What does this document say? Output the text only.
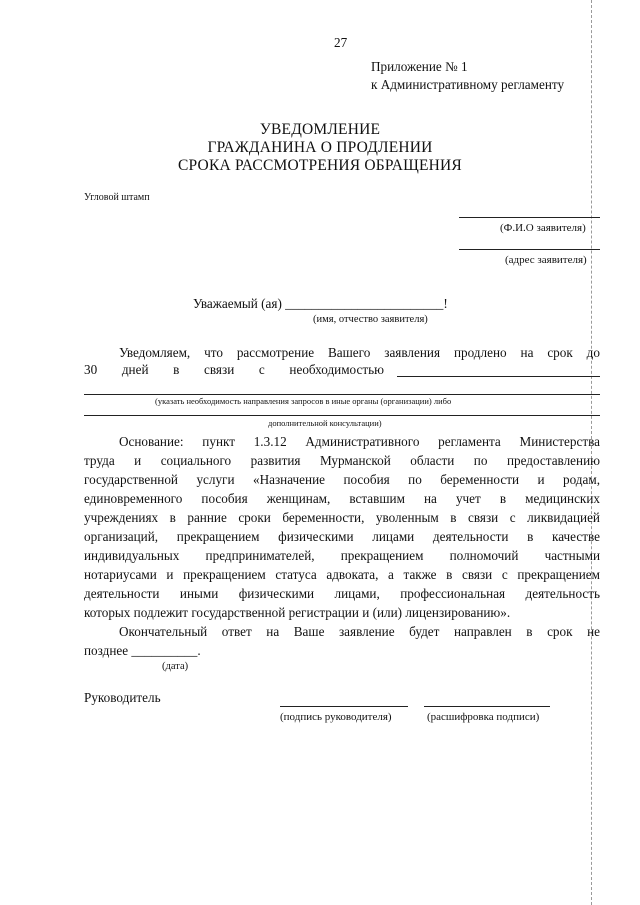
27
Приложение № 1
к Административному регламенту
УВЕДОМЛЕНИЕ
ГРАЖДАНИНА О ПРОДЛЕНИИ
СРОКА РАССМОТРЕНИЯ ОБРАЩЕНИЯ
Угловой штамп
(Ф.И.О заявителя)
(адрес заявителя)
Уважаемый (ая) ________________________!
(имя, отчество заявителя)
Уведомляем, что рассмотрение Вашего заявления продлено на срок до
30 дней в связи с необходимостью
(указать необходимость направления запросов в иные органы (организации) либо
дополнительной консультации)
Основание: пункт 1.3.12 Административного регламента Министерства
труда и социального развития Мурманской области по предоставлению
государственной услуги «Назначение пособия по беременности и родам,
единовременного пособия женщинам, вставшим на учет в медицинских
учреждениях в ранние сроки беременности, уволенным в связи с ликвидацией
организаций, прекращением физическими лицами деятельности в качестве
индивидуальных предпринимателей, прекращением полномочий частными
нотариусами и прекращением статуса адвоката, а также в связи с прекращением
деятельности иными физическими лицами, профессиональная деятельность
которых подлежит государственной регистрации и (или) лицензированию».
Окончательный ответ на Ваше заявление будет направлен в срок не
позднее __________.
(дата)
Руководитель
(подпись руководителя)	(расшифровка подписи)
